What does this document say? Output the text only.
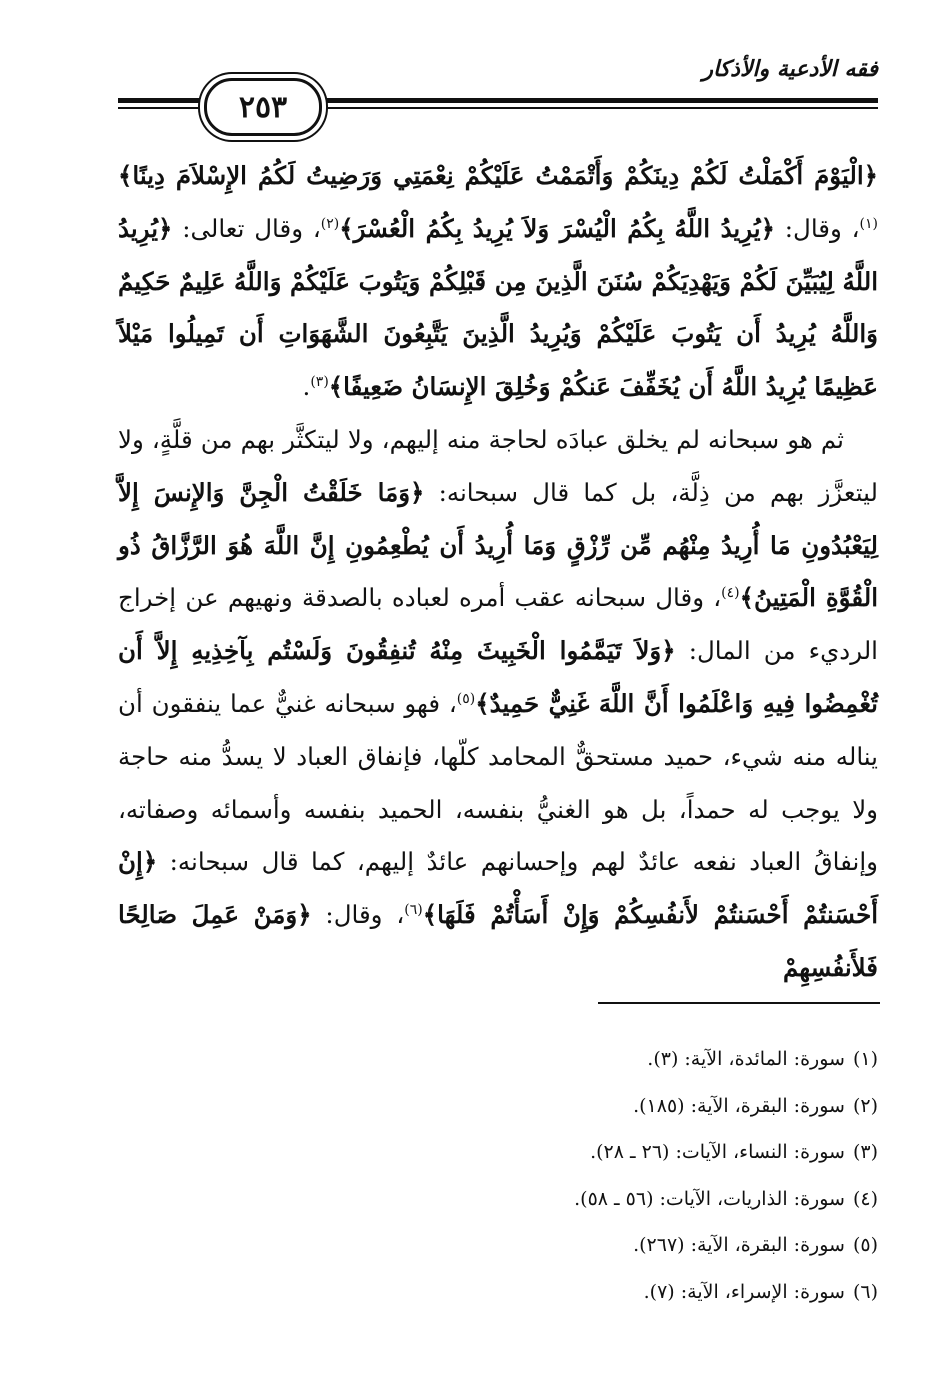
فقه الأدعية والأذكار
٢٥٣

﴿الْيَوْمَ أَكْمَلْتُ لَكُمْ دِينَكُمْ وَأَتْمَمْتُ عَلَيْكُمْ نِعْمَتِي وَرَضِيتُ لَكُمُ الإِسْلاَمَ دِينًا﴾$^{(١)}$، وقال: ﴿يُرِيدُ اللَّهُ بِكُمُ الْيُسْرَ وَلاَ يُرِيدُ بِكُمُ الْعُسْرَ﴾$^{(٢)}$، وقال تعالى: ﴿يُرِيدُ اللَّهُ لِيُبَيِّنَ لَكُمْ وَيَهْدِيَكُمْ سُنَنَ الَّذِينَ مِن قَبْلِكُمْ وَيَتُوبَ عَلَيْكُمْ وَاللَّهُ عَلِيمٌ حَكِيمٌ وَاللَّهُ يُرِيدُ أَن يَتُوبَ عَلَيْكُمْ وَيُرِيدُ الَّذِينَ يَتَّبِعُونَ الشَّهَوَاتِ أَن تَمِيلُوا مَيْلاً عَظِيمًا يُرِيدُ اللَّهُ أَن يُخَفِّفَ عَنكُمْ وَخُلِقَ الإِنسَانُ ضَعِيفًا﴾$^{(٣)}$.

ثم هو سبحانه لم يخلق عبادَه لحاجة منه إليهم، ولا ليتكثَّر بهم من قلَّةٍ، ولا ليتعزَّز بهم من ذِلَّة، بل كما قال سبحانه: ﴿وَمَا خَلَقْتُ الْجِنَّ وَالإِنسَ إِلاَّ لِيَعْبُدُونِ مَا أُرِيدُ مِنْهُم مِّن رِّزْقٍ وَمَا أُرِيدُ أَن يُطْعِمُونِ إِنَّ اللَّهَ هُوَ الرَّزَّاقُ ذُو الْقُوَّةِ الْمَتِينُ﴾$^{(٤)}$، وقال سبحانه عقب أمره لعباده بالصدقة ونهيهم عن إخراج الرديء من المال: ﴿وَلاَ تَيَمَّمُوا الْخَبِيثَ مِنْهُ تُنفِقُونَ وَلَسْتُم بِآخِذِيهِ إِلاَّ أَن تُغْمِضُوا فِيهِ وَاعْلَمُوا أَنَّ اللَّهَ غَنِيٌّ حَمِيدٌ﴾$^{(٥)}$، فهو سبحانه غنيٌّ عما ينفقون أن يناله منه شيء، حميد مستحقٌّ المحامد كلّها، فإنفاق العباد لا يسدُّ منه حاجة ولا يوجب له حمداً، بل هو الغنيُّ بنفسه، الحميد بنفسه وأسمائه وصفاته، وإنفاقُ العباد نفعه عائدٌ لهم وإحسانهم عائدٌ إليهم، كما قال سبحانه: ﴿إِنْ أَحْسَنتُمْ أَحْسَنتُمْ لأَنفُسِكُمْ وَإِنْ أَسَأْتُمْ فَلَهَا﴾$^{(٦)}$، وقال: ﴿وَمَنْ عَمِلَ صَالِحًا فَلأَنفُسِهِمْ

(١)سورة: المائدة، الآية: (٣).
(٢)سورة: البقرة، الآية: (١٨٥).
(٣)سورة: النساء، الآيات: (٢٦ ـ ٢٨).
(٤)سورة: الذاريات، الآيات: (٥٦ ـ ٥٨).
(٥)سورة: البقرة، الآية: (٢٦٧).
(٦)سورة: الإسراء، الآية: (٧).
